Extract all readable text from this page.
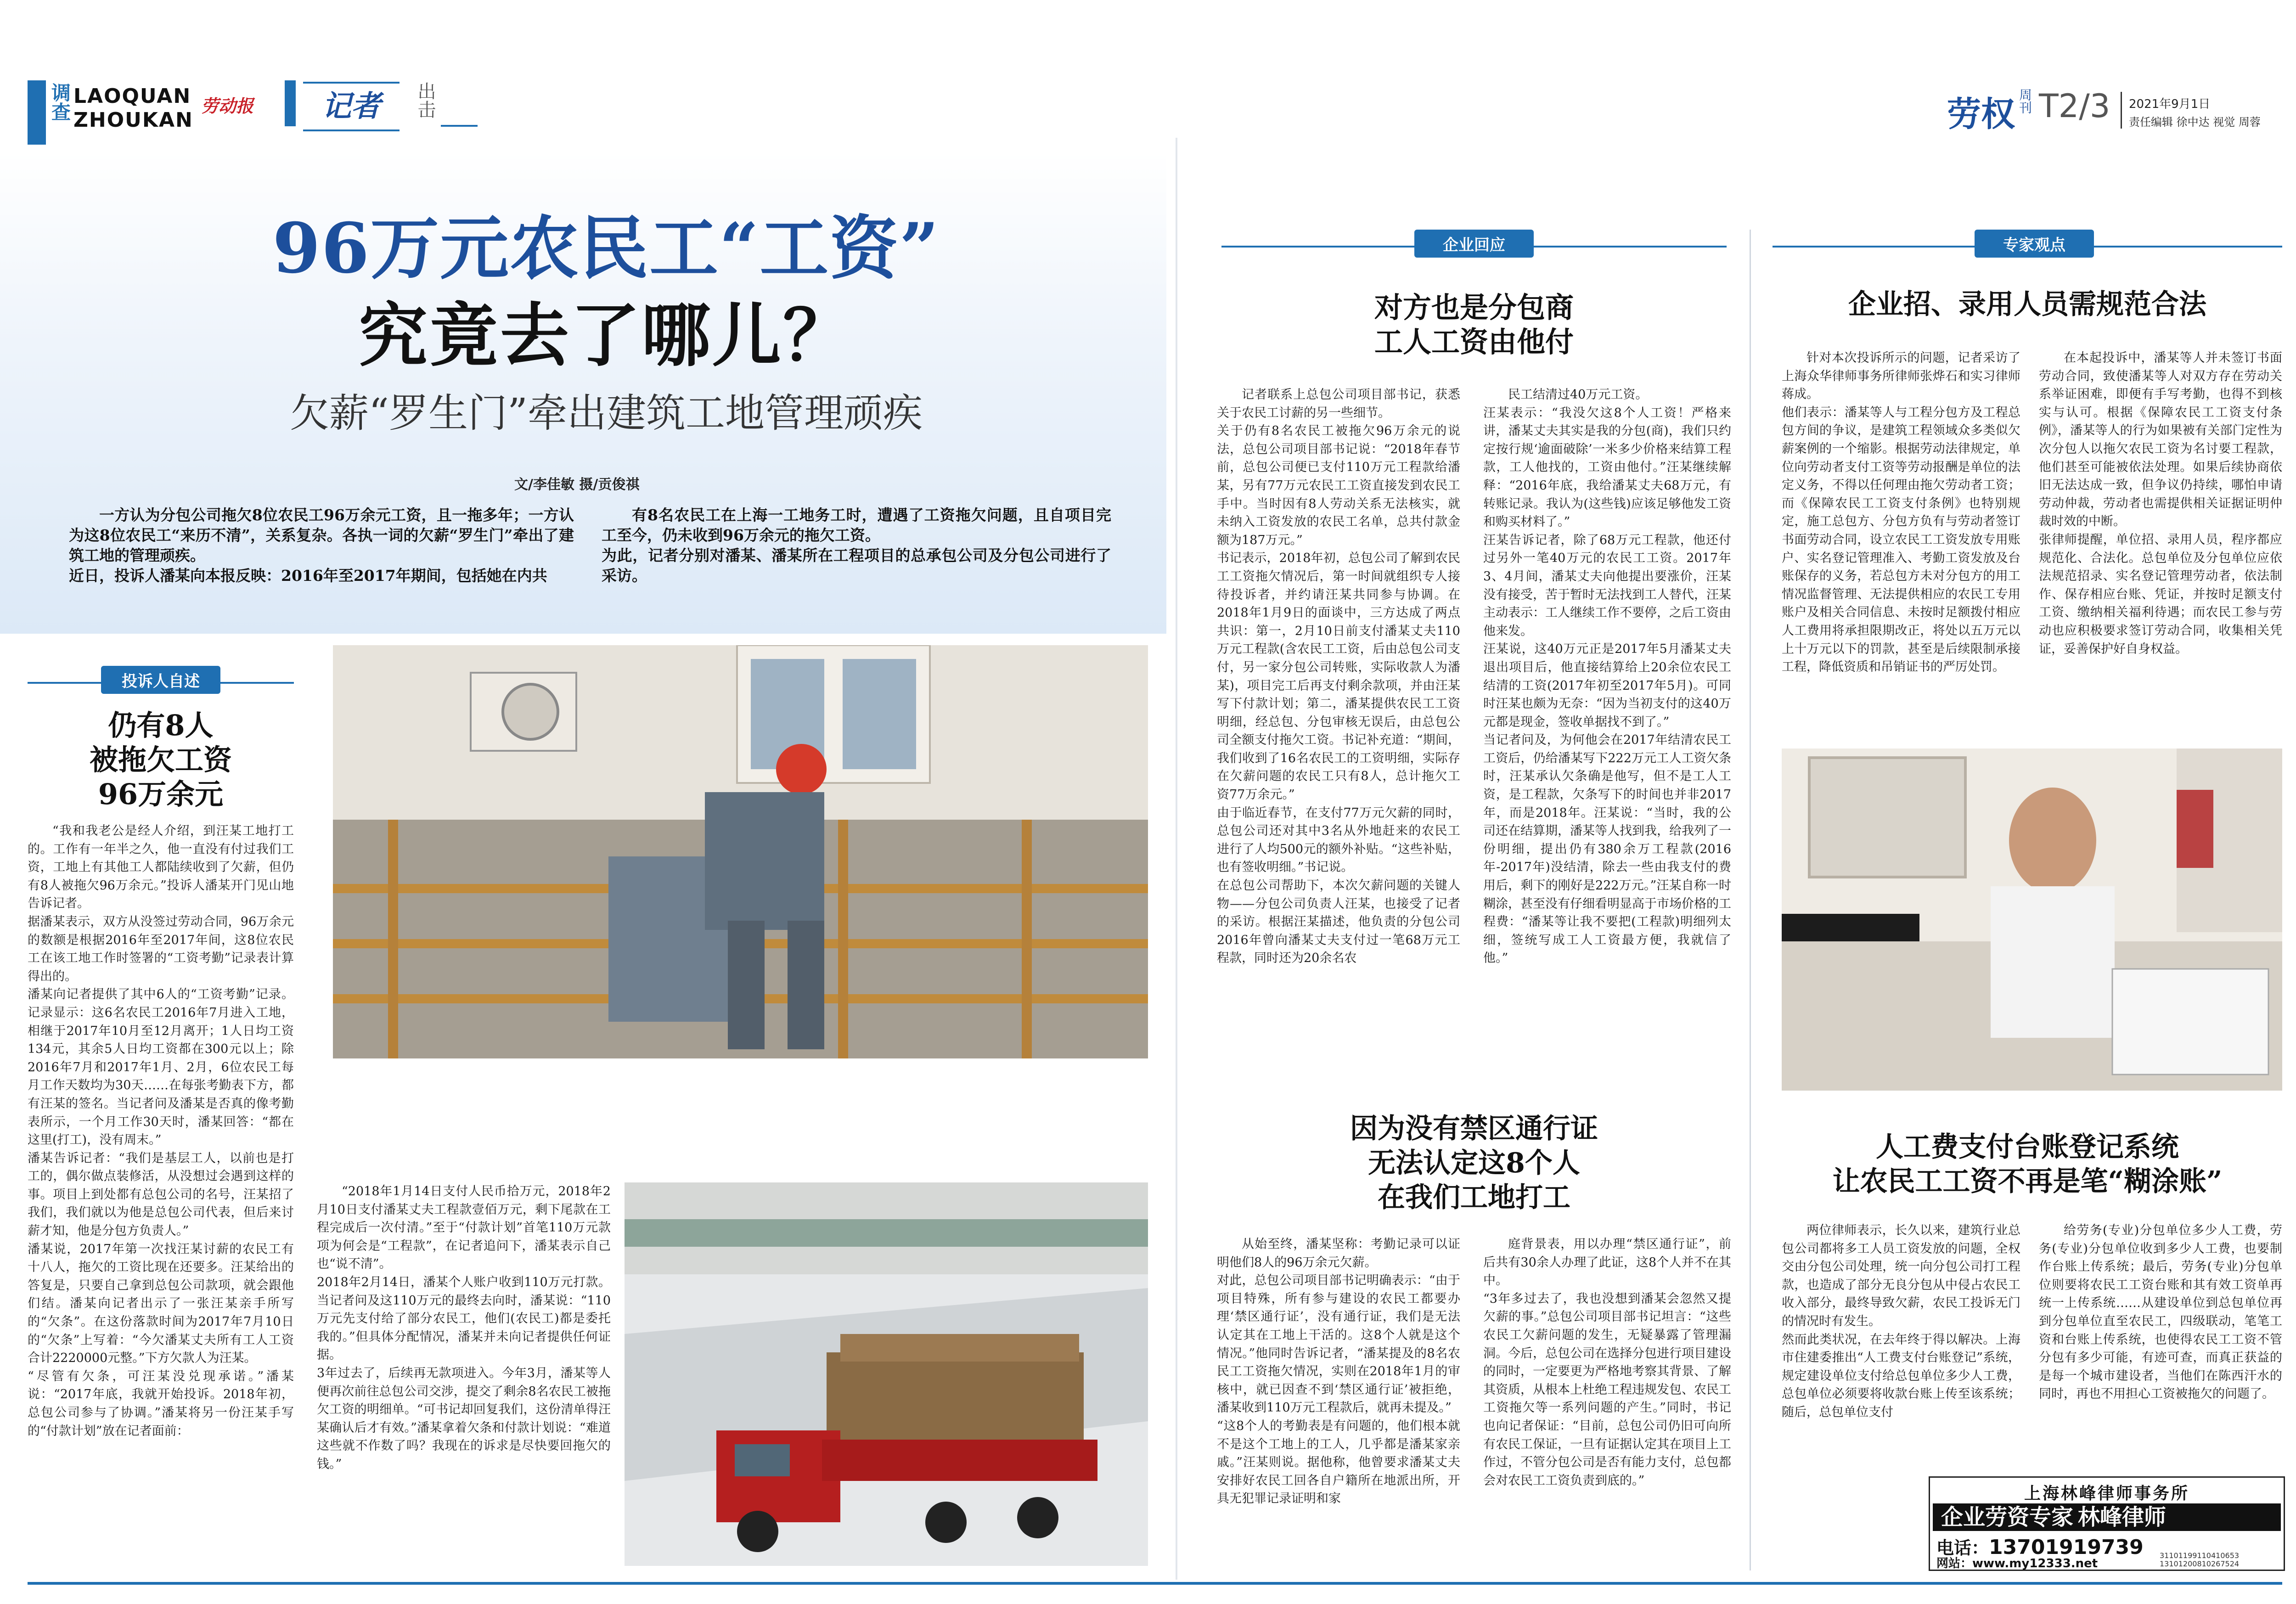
调查 LAOQUAN
ZHOUKAN
劳动报	记者	出击	劳权 周刊 T2/3 2021年9月1日
责任编辑 徐中达 视觉 周蓉
96万元农民工“工资”
究竟去了哪儿？
欠薪“罗生门”牵出建筑工地管理顽疾
文/李佳敏 摄/贡俊祺
一方认为分包公司拖欠8位农民工96万余元工资，且一拖多年；一方认为这8位农民工“来历不清”，关系复杂。各执一词的欠薪“罗生门”牵出了建筑工地的管理顽疾。
近日，投诉人潘某向本报反映：2016年至2017年期间，包括她在内共
有8名农民工在上海一工地务工时，遭遇了工资拖欠问题，且自项目完工至今，仍未收到96万余元的拖欠工资。
为此，记者分别对潘某、潘某所在工程项目的总承包公司及分包公司进行了采访。
投诉人自述
仍有8人
被拖欠工资
96万余元
“我和我老公是经人介绍，到汪某工地打工的。工作有一年半之久，他一直没有付过我们工资，工地上有其他工人都陆续收到了欠薪，但仍有8人被拖欠96万余元。”投诉人潘某开门见山地告诉记者。
据潘某表示，双方从没签过劳动合同，96万余元的数额是根据2016年至2017年间，这8位农民工在该工地工作时签署的“工资考勤”记录表计算得出的。
潘某向记者提供了其中6人的“工资考勤”记录。记录显示：这6名农民工2016年7月进入工地，相继于2017年10月至12月离开；1人日均工资134元，其余5人日均工资都在300元以上；除2016年7月和2017年1月、2月，6位农民工每月工作天数均为30天……在每张考勤表下方，都有汪某的签名。当记者问及潘某是否真的像考勤表所示，一个月工作30天时，潘某回答：“都在这里(打工)，没有周末。”
潘某告诉记者：“我们是基层工人，以前也是打工的，偶尔做点装修活，从没想过会遇到这样的事。项目上到处都有总包公司的名号，汪某招了我们，我们就以为他是总包公司代表，但后来讨薪才知，他是分包方负责人。”
潘某说，2017年第一次找汪某讨薪的农民工有十八人，拖欠的工资比现在还要多。汪某给出的答复是，只要自己拿到总包公司款项，就会跟他们结。潘某向记者出示了一张汪某亲手所写的“欠条”。在这份落款时间为2017年7月10日的“欠条”上写着：“今欠潘某丈夫所有工人工资合计2220000元整。”下方欠款人为汪某。
“尽管有欠条，可汪某没兑现承诺。”潘某说：“2017年底，我就开始投诉。2018年初，总包公司参与了协调。”潘某将另一份汪某手写的“付款计划”放在记者面前：
“2018年1月14日支付人民币拾万元，2018年2月10日支付潘某丈夫工程款壹佰万元，剩下尾款在工程完成后一次付清。”至于“付款计划”首笔110万元款项为何会是“工程款”，在记者追问下，潘某表示自己也“说不清”。
2018年2月14日，潘某个人账户收到110万元打款。当记者问及这110万元的最终去向时，潘某说：“110万元先支付给了部分农民工，他们(农民工)都是委托我的。”但具体分配情况，潘某并未向记者提供任何证据。
3年过去了，后续再无款项进入。今年3月，潘某等人便再次前往总包公司交涉，提交了剩余8名农民工被拖欠工资的明细单。“可书记却回复我们，这份清单得汪某确认后才有效。”潘某拿着欠条和付款计划说：“难道这些就不作数了吗？我现在的诉求是尽快要回拖欠的钱。”
企业回应
对方也是分包商
工人工资由他付
记者联系上总包公司项目部书记，获悉关于农民工讨薪的另一些细节。
关于仍有8名农民工被拖欠96万余元的说法，总包公司项目部书记说：“2018年春节前，总包公司便已支付110万元工程款给潘某，另有77万元农民工工资直接发到农民工手中。当时因有8人劳动关系无法核实，就未纳入工资发放的农民工名单，总共付款金额为187万元。”
书记表示，2018年初，总包公司了解到农民工工资拖欠情况后，第一时间就组织专人接待投诉者，并约请汪某共同参与协调。在2018年1月9日的面谈中，三方达成了两点共识：第一，2月10日前支付潘某丈夫110万元工程款(含农民工工资，后由总包公司支付，另一家分包公司转账，实际收款人为潘某)，项目完工后再支付剩余款项，并由汪某写下付款计划；第二，潘某提供农民工工资明细，经总包、分包审核无误后，由总包公司全额支付拖欠工资。书记补充道：“期间，我们收到了16名农民工的工资明细，实际存在欠薪问题的农民工只有8人，总计拖欠工资77万余元。”
由于临近春节，在支付77万元欠薪的同时，总包公司还对其中3名从外地赶来的农民工进行了人均500元的额外补贴。“这些补贴，也有签收明细。”书记说。
在总包公司帮助下，本次欠薪问题的关键人物——分包公司负责人汪某，也接受了记者的采访。根据汪某描述，他负责的分包公司2016年曾向潘某丈夫支付过一笔68万元工程款，同时还为20余名农
民工结清过40万元工资。
汪某表示：“我没欠这8个人工资！严格来讲，潘某丈夫其实是我的分包(商)，我们只约定按行规‘逾面破除’一米多少价格来结算工程款，工人他找的，工资由他付。”汪某继续解释：“2016年底，我给潘某丈夫68万元，有转账记录。我认为(这些钱)应该足够他发工资和购买材料了。”
汪某告诉记者，除了68万元工程款，他还付过另外一笔40万元的农民工工资。2017年3、4月间，潘某丈夫向他提出要涨价，汪某没有接受，苦于暂时无法找到工人替代，汪某主动表示：工人继续工作不要停，之后工资由他来发。
汪某说，这40万元正是2017年5月潘某丈夫退出项目后，他直接结算给上20余位农民工结清的工资(2017年初至2017年5月)。可同时汪某也颇为无奈：“因为当初支付的这40万元都是现金，签收单据找不到了。”
当记者问及，为何他会在2017年结清农民工工资后，仍给潘某写下222万元工人工资欠条时，汪某承认欠条确是他写，但不是工人工资，是工程款，欠条写下的时间也并非2017年，而是2018年。汪某说：“当时，我的公司还在结算期，潘某等人找到我，给我列了一份明细，提出仍有380余万工程款(2016年-2017年)没结清，除去一些由我支付的费用后，剩下的刚好是222万元。”汪某自称一时糊涂，甚至没有仔细看明显高于市场价格的工程费：“潘某等让我不要把(工程款)明细列太细，签统写成工人工资最方便，我就信了他。”
因为没有禁区通行证
无法认定这8个人
在我们工地打工
从始至终，潘某坚称：考勤记录可以证明他们8人的96万余元欠薪。
对此，总包公司项目部书记明确表示：“由于项目特殊，所有参与建设的农民工都要办理‘禁区通行证’，没有通行证，我们是无法认定其在工地上干活的。这8个人就是这个情况。”他同时告诉记者，“潘某提及的8名农民工工资拖欠情况，实则在2018年1月的审核中，就已因查不到‘禁区通行证’被拒绝，潘某收到110万元工程款后，就再未提及。”
“这8个人的考勤表是有问题的，他们根本就不是这个工地上的工人，几乎都是潘某家亲戚。”汪某则说。据他称，他曾要求潘某丈夫安排好农民工回各自户籍所在地派出所，开具无犯罪记录证明和家
庭背景表，用以办理“禁区通行证”，前后共有30余人办理了此证，这8个人并不在其中。
“3年多过去了，我也没想到潘某会忽然又提欠薪的事。”总包公司项目部书记坦言：“这些农民工欠薪问题的发生，无疑暴露了管理漏洞。今后，总包公司在选择分包进行项目建设的同时，一定要更为严格地考察其背景、了解其资质，从根本上杜绝工程违规发包、农民工工资拖欠等一系列问题的产生。”同时，书记也向记者保证：“目前，总包公司仍旧可向所有农民工保证，一旦有证据认定其在项目上工作过，不管分包公司是否有能力支付，总包都会对农民工工资负责到底的。”
专家观点
企业招、录用人员需规范合法
针对本次投诉所示的问题，记者采访了上海众华律师事务所律师张烨石和实习律师蒋成。
他们表示：潘某等人与工程分包方及工程总包方间的争议，是建筑工程领域众多类似欠薪案例的一个缩影。根据劳动法律规定，单位向劳动者支付工资等劳动报酬是单位的法定义务，不得以任何理由拖欠劳动者工资；而《保障农民工工资支付条例》也特别规定，施工总包方、分包方负有与劳动者签订书面劳动合同，设立农民工工资发放专用账户、实名登记管理准入、考勤工资发放及台账保存的义务，若总包方未对分包方的用工情况监督管理、无法提供相应的农民工专用账户及相关合同信息、未按时足额拨付相应人工费用将承担限期改正，将处以五万元以上十万元以下的罚款，甚至是后续限制承接工程，降低资质和吊销证书的严厉处罚。
在本起投诉中，潘某等人并未签订书面劳动合同，致使潘某等人对双方存在劳动关系举证困难，即便有手写考勤，也得不到核实与认可。根据《保障农民工工资支付条例》，潘某等人的行为如果被有关部门定性为次分包人以拖欠农民工资为名讨要工程款，他们甚至可能被依法处理。如果后续协商依旧无法达成一致，但争议仍持续，哪怕申请劳动仲裁，劳动者也需提供相关证据证明仲裁时效的中断。
张律师提醒，单位招、录用人员，程序都应规范化、合法化。总包单位及分包单位应依法规范招录、实名登记管理劳动者，依法制作、保存相应台账、凭证，并按时足额支付工资、缴纳相关福利待遇；而农民工参与劳动也应积极要求签订劳动合同，收集相关凭证，妥善保护好自身权益。
人工费支付台账登记系统
让农民工工资不再是笔“糊涂账”
两位律师表示，长久以来，建筑行业总包公司都将多工人员工资发放的问题，全权交由分包公司处理，统一向分包公司打工程款，也造成了部分无良分包从中侵占农民工收入部分，最终导致欠薪，农民工投诉无门的情况时有发生。
然而此类状况，在去年终于得以解决。上海市住建委推出“人工费支付台账登记”系统，规定建设单位支付给总包单位多少人工费，总包单位必须要将收款台账上传至该系统；随后，总包单位支付
给劳务(专业)分包单位多少人工费，劳务(专业)分包单位收到多少人工费，也要制作台账上传系统；最后，劳务(专业)分包单位则要将农民工工资台账和其有效工资单再统一上传系统……从建设单位到总包单位再到分包单位直至农民工，四级联动，笔笔工资和台账上传系统，也使得农民工工资不管分包有多少可能，有迹可查，而真正获益的是每一个城市建设者，当他们在陈西汗水的同时，再也不用担心工资被拖欠的问题了。
上海林峰律师事务所
企业劳资专家 林峰律师
电话：13701919739
网站：www.my12333.net
31101199110410653
13101200810267524
